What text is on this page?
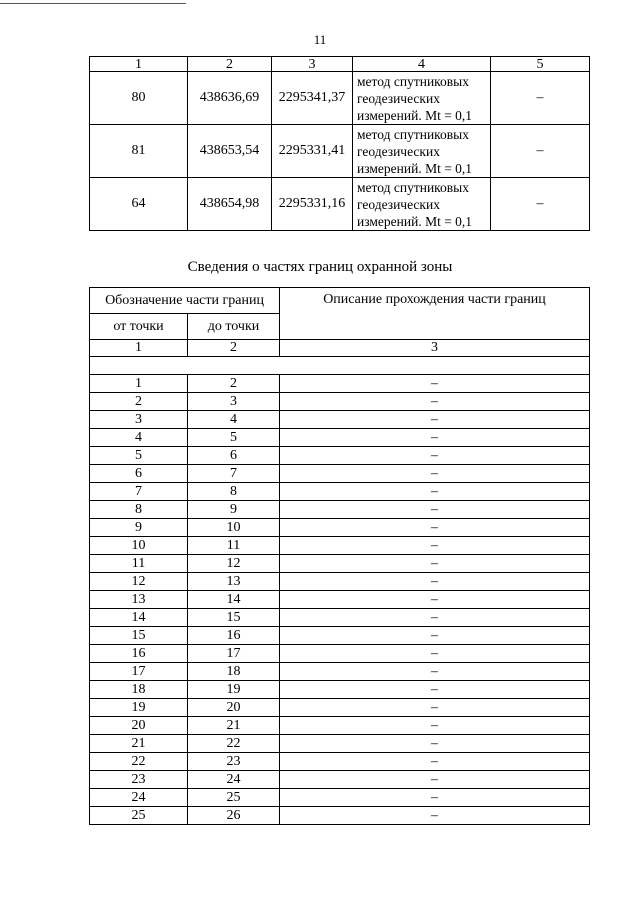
11
1	2	3	4	5
80	438636,69	2295341,37	метод спутниковых
геодезических
измерений. Mt = 0,1	–
81	438653,54	2295331,41	метод спутниковых
геодезических
измерений. Mt = 0,1	–
64	438654,98	2295331,16	метод спутниковых
геодезических
измерений. Mt = 0,1	–
Сведения о частях границ охранной зоны
Обозначение части границ		Описание прохождения части границ
от точки	до точки	
1	2	3

1	2	–
2	3	–
3	4	–
4	5	–
5	6	–
6	7	–
7	8	–
8	9	–
9	10	–
10	11	–
11	12	–
12	13	–
13	14	–
14	15	–
15	16	–
16	17	–
17	18	–
18	19	–
19	20	–
20	21	–
21	22	–
22	23	–
23	24	–
24	25	–
25	26	–
